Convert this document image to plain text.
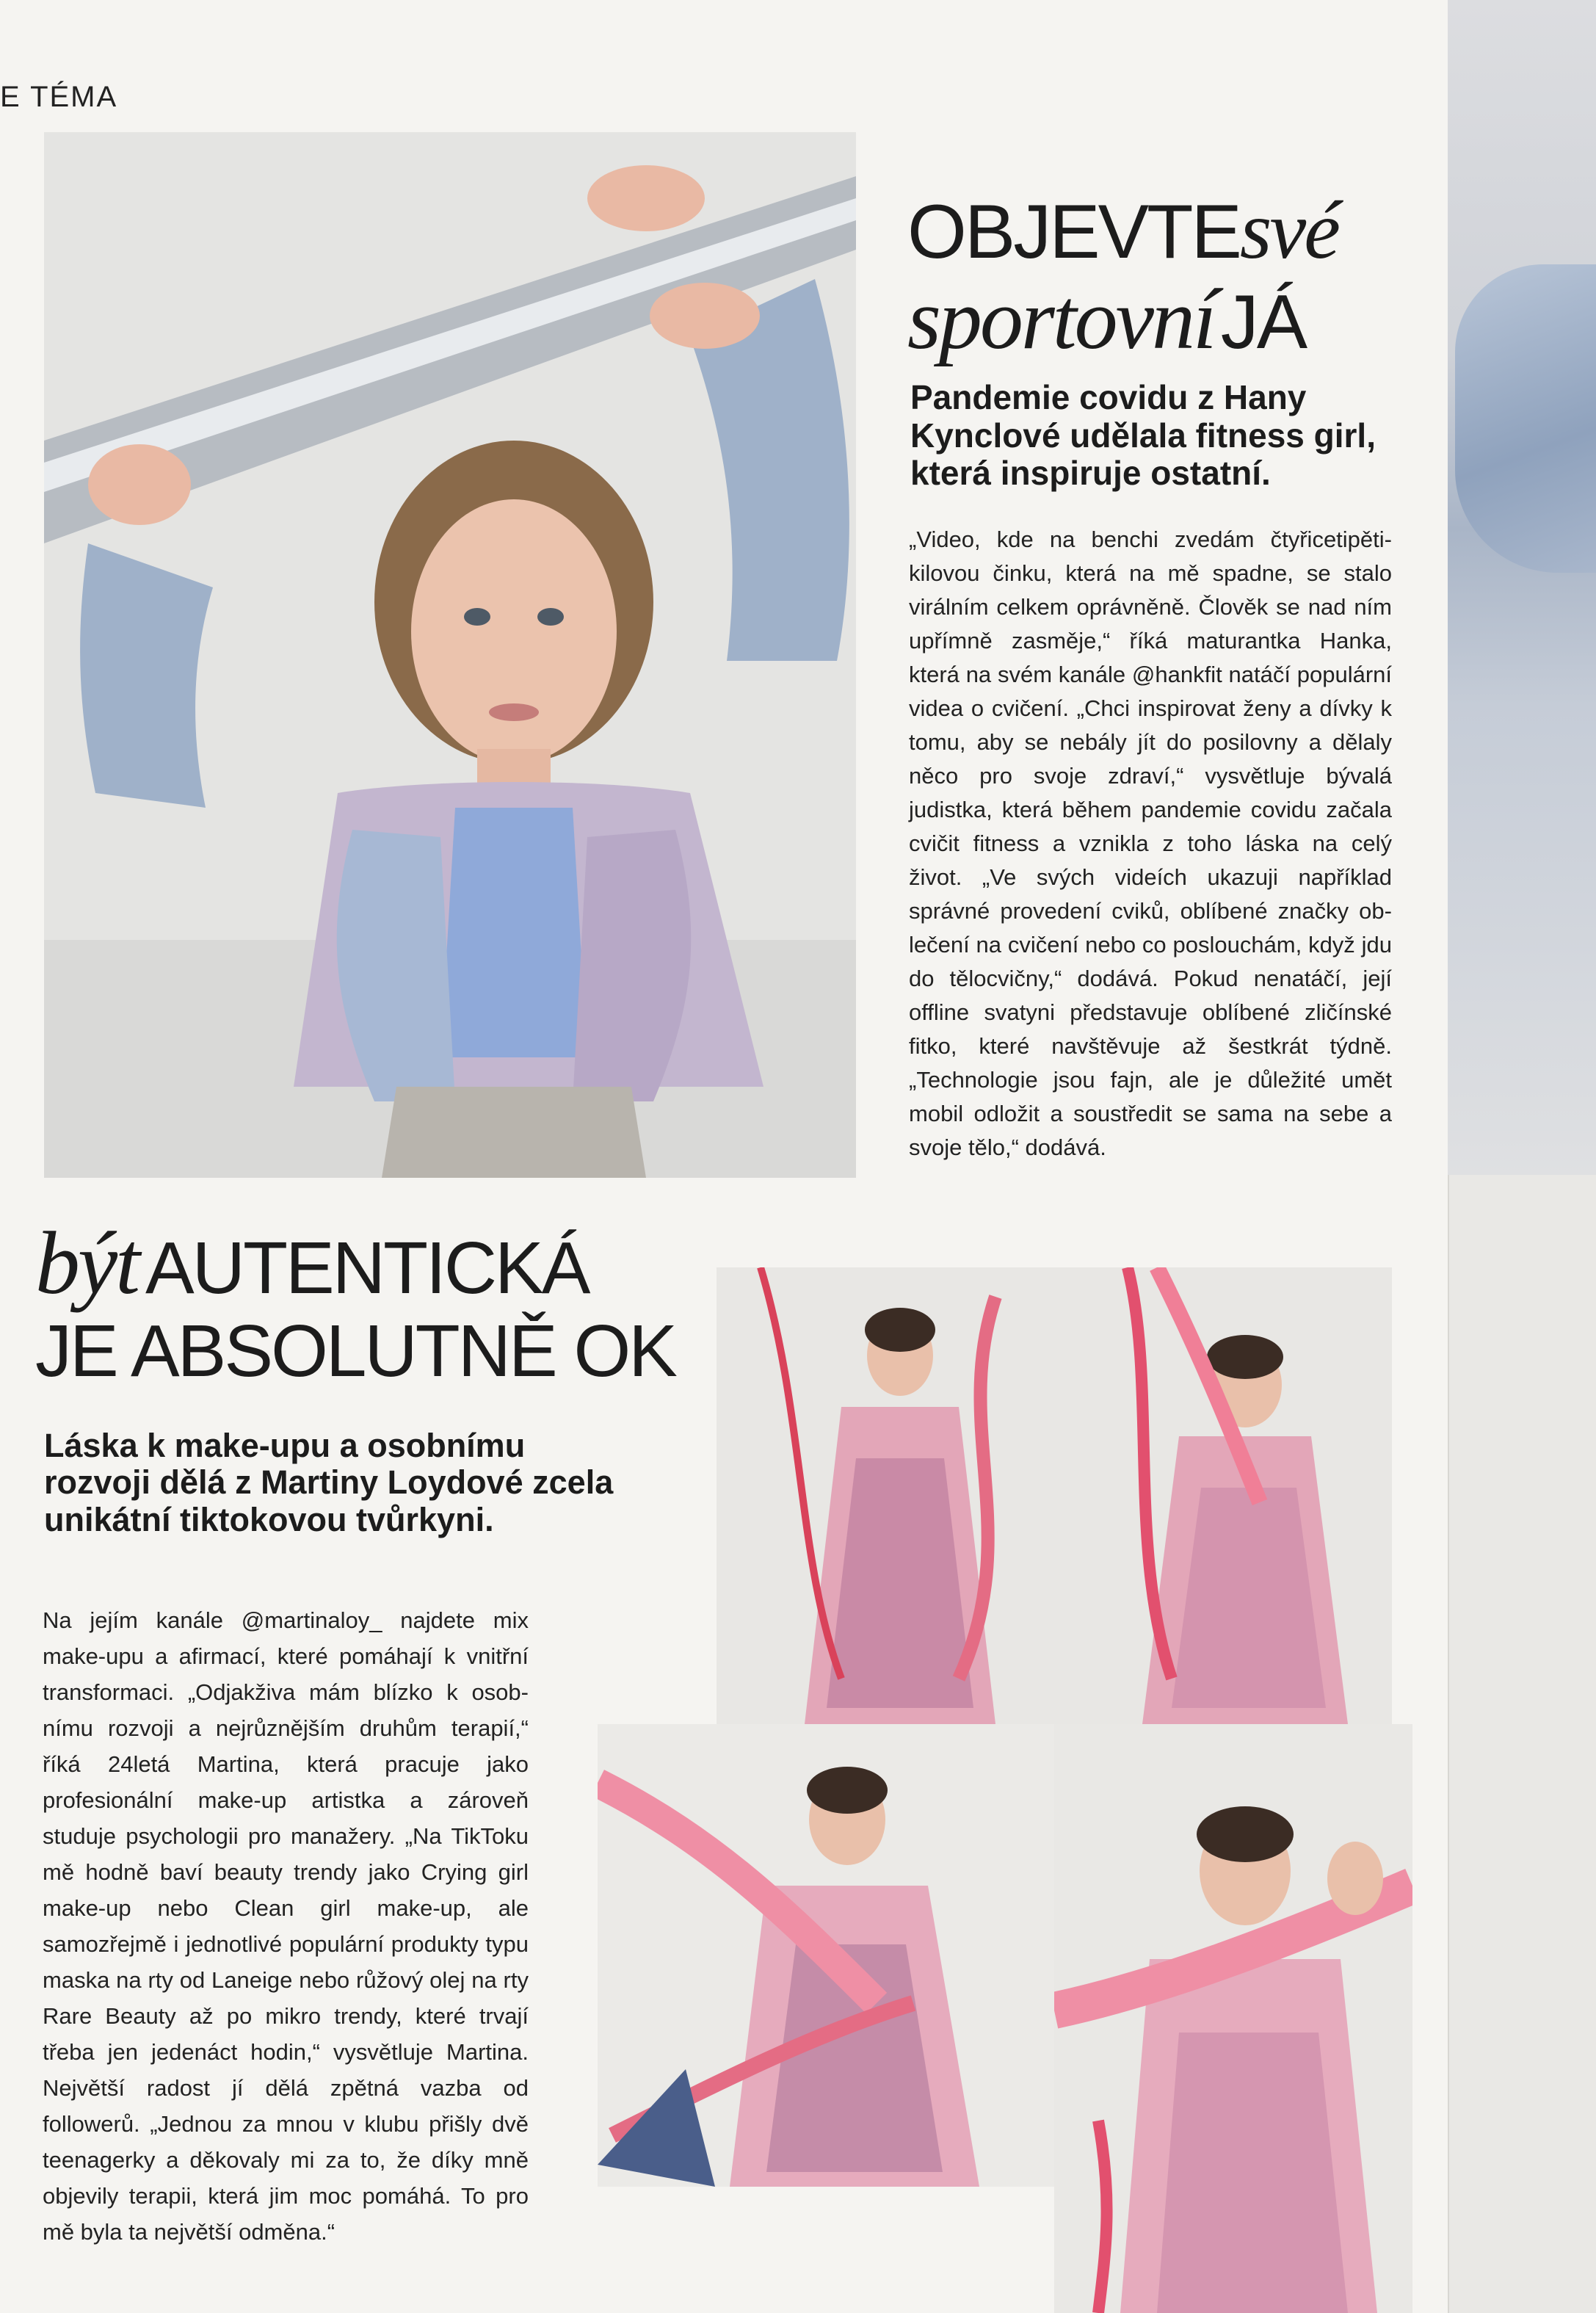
E TÉMA
OBJEVTEsvé
sportovníJÁ
Pandemie covidu z Hany Kynclové udělala fitness girl, která inspiruje ostatní.
„Video, kde na benchi zvedám čtyřicetipětikilovou činku, která na mě spadne, se stalo virálním celkem oprávněně. Člověk se nad ním upřímně zasměje,“ říká maturantka Hanka, která na svém kanále @hankfit natáčí populární videa o cvičení. „Chci inspirovat ženy a dívky k tomu, aby se nebály jít do posilovny a dělaly něco pro svoje zdraví,“ vysvětluje bývalá judistka, která během pandemie covidu začala cvičit fitness a vznikla z toho láska na celý život. „Ve svých videích ukazuji například správné provedení cviků, oblíbené značky oblečení na cvičení nebo co poslouchám, když jdu do tělocvičny,“ dodává. Pokud nenatáčí, její offline svatyni představuje oblíbené zličínské fitko, které navštěvuje až šestkrát týdně. „Technologie jsou fajn, ale je důležité umět mobil odložit a soustředit se sama na sebe a svoje tělo,“ dodává.
být AUTENTICKÁ
JE ABSOLUTNĚ OK
Láska k make-upu a osobnímu rozvoji dělá z Martiny Loydové zcela unikátní tiktokovou tvůrkyni.
Na jejím kanále @martinaloy_ najdete mix make-upu a afirmací, které pomáhají k vnitřní transformaci. „Odjakživa mám blízko k osobnímu rozvoji a nejrůznějším druhům terapií,“ říká 24letá Martina, která pracuje jako profesionální make-up artistka a zároveň studuje psychologii pro manažery. „Na TikToku mě hodně baví beauty trendy jako Crying girl make-up nebo Clean girl make-up, ale samozřejmě i jednotlivé populární produkty typu maska na rty od Laneige nebo růžový olej na rty Rare Beauty až po mikro trendy, které trvají třeba jen jedenáct hodin,“ vysvětluje Martina. Největší radost jí dělá zpětná vazba od followerů. „Jednou za mnou v klubu přišly dvě teenagerky a děkovaly mi za to, že díky mně objevily terapii, která jim moc pomáhá. To pro mě byla ta největší odměna.“
